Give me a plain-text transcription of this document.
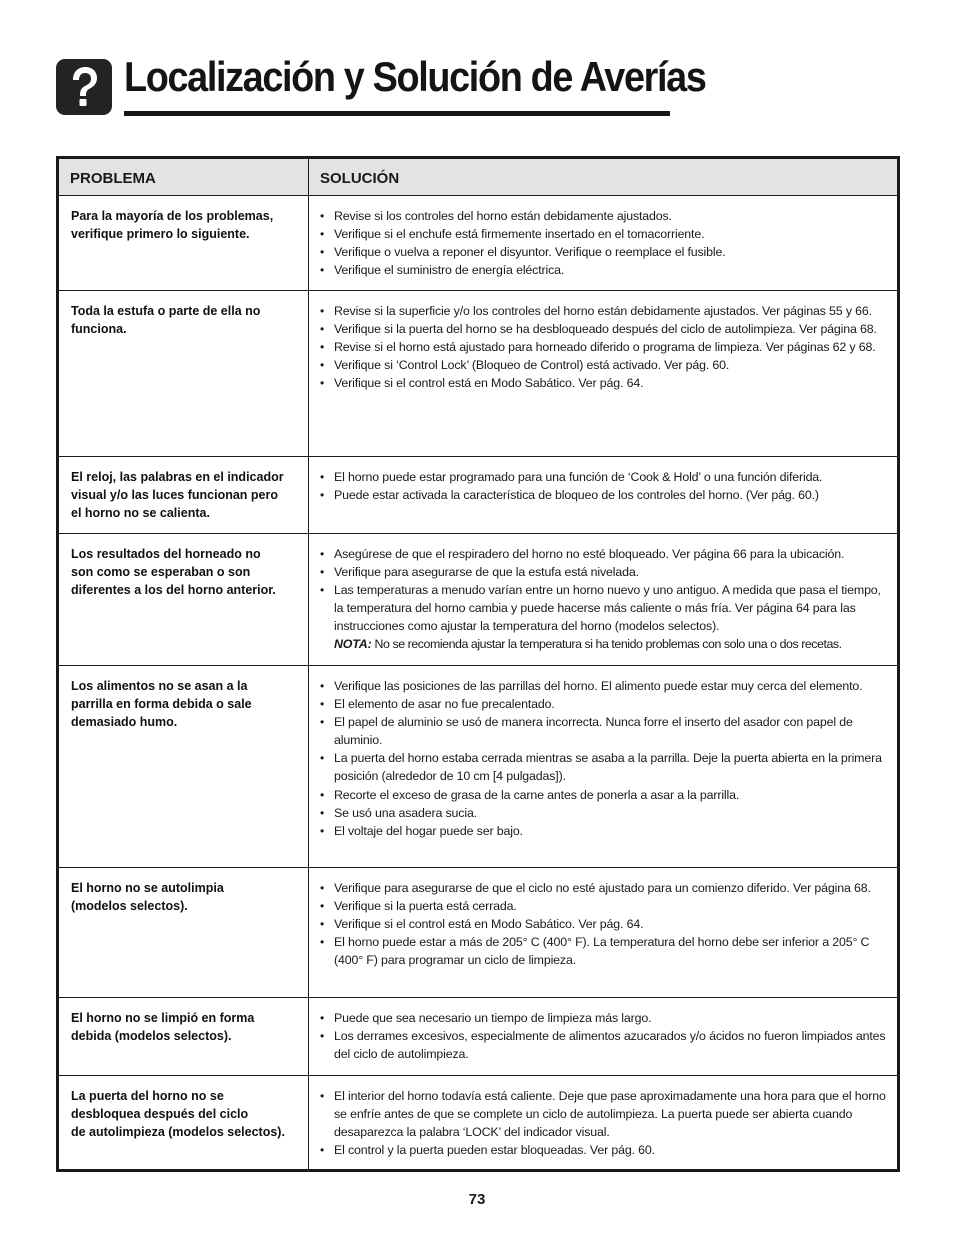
Localización y Solución de Averías
PROBLEMA	SOLUCIÓN

Para la mayoría de los problemas,
verifique primero lo siguiente.

• Revise si los controles del horno están debidamente ajustados.
• Verifique si el enchufe está firmemente insertado en el tomacorriente.
• Verifique o vuelva a reponer el disyuntor. Verifique o reemplace el fusible.
• Verifique el suministro de energía eléctrica.

Toda la estufa o parte de ella no
funciona.

• Revise si la superficie y/o los controles del horno están debidamente ajustados. Ver páginas 55 y 66.
• Verifique si la puerta del horno se ha desbloqueado después del ciclo de autolimpieza. Ver página 68.
• Revise si el horno está ajustado para horneado diferido o programa de limpieza. Ver páginas 62 y 68.
• Verifique si ‘Control Lock’ (Bloqueo de Control) está activado. Ver pág. 60.
• Verifique si el control está en Modo Sabático. Ver pág. 64.

El reloj, las palabras en el indicador
visual y/o las luces funcionan pero
el horno no se calienta.

• El horno puede estar programado para una función de ‘Cook & Hold’ o una función diferida.
• Puede estar activada la característica de bloqueo de los controles del horno. (Ver pág. 60.)

Los resultados del horneado no
son como se esperaban o son
diferentes a los del horno anterior.

• Asegúrese de que el respiradero del horno no esté bloqueado. Ver página 66 para la ubicación.
• Verifique para asegurarse de que la estufa está nivelada.
• Las temperaturas a menudo varían entre un horno nuevo y uno antiguo. A medida que pasa el tiempo, la temperatura del horno cambia y puede hacerse más caliente o más fría. Ver página 64 para las instrucciones como ajustar la temperatura del horno (modelos selectos).
NOTA: No se recomienda ajustar la temperatura si ha tenido problemas con solo una o dos recetas.

Los alimentos no se asan a la
parrilla en forma debida o sale
demasiado humo.

• Verifique las posiciones de las parrillas del horno. El alimento puede estar muy cerca del elemento.
• El elemento de asar no fue precalentado.
• El papel de aluminio se usó de manera incorrecta. Nunca forre el inserto del asador con papel de aluminio.
• La puerta del horno estaba cerrada mientras se asaba a la parrilla. Deje la puerta abierta en la primera posición (alrededor de 10 cm [4 pulgadas]).
• Recorte el exceso de grasa de la carne antes de ponerla a asar a la parrilla.
• Se usó una asadera sucia.
• El voltaje del hogar puede ser bajo.

El horno no se autolimpia
(modelos selectos).

• Verifique para asegurarse de que el ciclo no esté ajustado para un comienzo diferido. Ver página 68.
• Verifique si la puerta está cerrada.
• Verifique si el control está en Modo Sabático. Ver pág. 64.
• El horno puede estar a más de 205° C (400° F). La temperatura del horno debe ser inferior a 205° C (400° F) para programar un ciclo de limpieza.

El horno no se limpió en forma
debida (modelos selectos).

• Puede que sea necesario un tiempo de limpieza más largo.
• Los derrames excesivos, especialmente de alimentos azucarados y/o ácidos no fueron limpiados antes del ciclo de autolimpieza.

La puerta del horno no se
desbloquea después del ciclo
de autolimpieza (modelos selectos).

• El interior del horno todavía está caliente. Deje que pase aproximadamente una hora para que el horno se enfríe antes de que se complete un ciclo de autolimpieza. La puerta puede ser abierta cuando desaparezca la palabra ‘LOCK’ del indicador visual.
• El control y la puerta pueden estar bloqueadas. Ver pág. 60.
73
